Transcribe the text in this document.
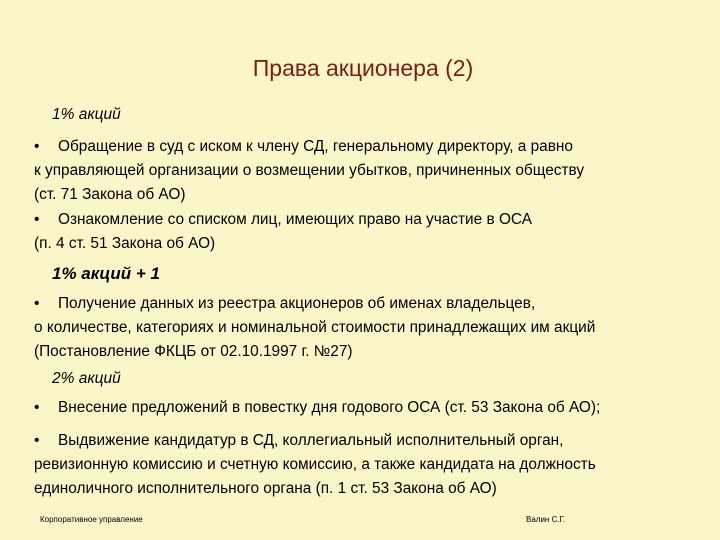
Права акционера (2)
1% акций
• Обращение в суд с иском к члену СД, генеральному директору, а равно
к управляющей организации о возмещении убытков, причиненных обществу
(ст. 71 Закона об АО)
• Ознакомление со списком лиц, имеющих право на участие в ОСА
(п. 4 ст. 51 Закона об АО)
1% акций + 1
• Получение данных из реестра акционеров об именах владельцев,
о количестве, категориях и номинальной стоимости принадлежащих им акций
(Постановление ФКЦБ от 02.10.1997 г. №27)
2% акций
• Внесение предложений в повестку дня годового ОСА (ст. 53 Закона об АО);
• Выдвижение кандидатур в СД, коллегиальный исполнительный орган,
ревизионную комиссию и счетную комиссию, а также кандидата на должность
единоличного исполнительного органа (п. 1 ст. 53 Закона об АО)
Корпоративное управление	Валин С.Г.
